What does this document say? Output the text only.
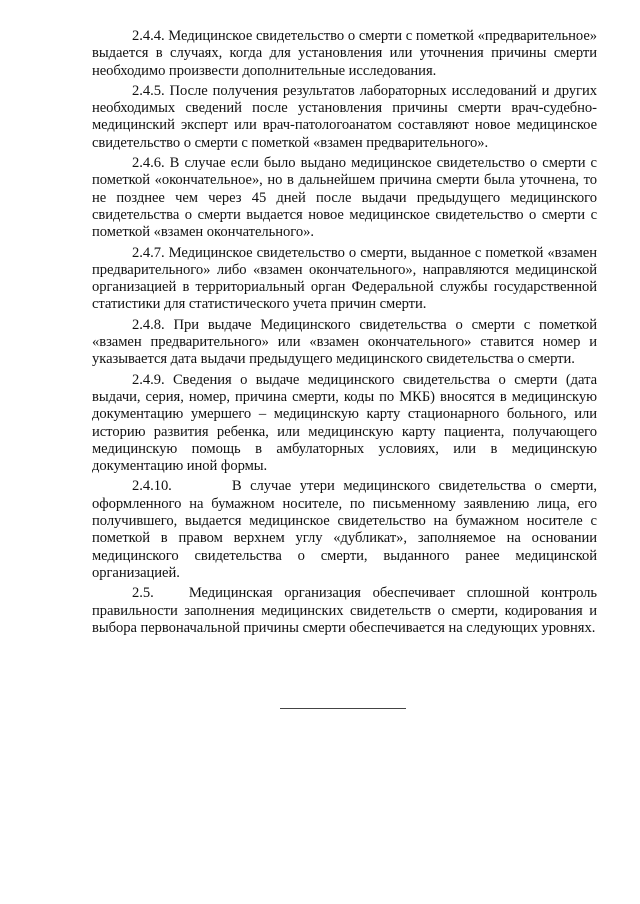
2.4.4. Медицинское свидетельство о смерти с пометкой «предварительное» выдается в случаях, когда для установления или уточнения причины смерти необходимо произвести дополнительные исследования.

2.4.5. После получения результатов лабораторных исследований и других необходимых сведений после установления причины смерти врач-судебно-медицинский эксперт или врач-патологоанатом составляют новое медицинское свидетельство о смерти с пометкой «взамен предварительного».

2.4.6. В случае если было выдано медицинское свидетельство о смерти с пометкой «окончательное», но в дальнейшем причина смерти была уточнена, то не позднее чем через 45 дней после выдачи предыдущего медицинского свидетельства о смерти выдается новое медицинское свидетельство о смерти с пометкой «взамен окончательного».

2.4.7. Медицинское свидетельство о смерти, выданное с пометкой «взамен предварительного» либо «взамен окончательного», направляются медицинской организацией в территориальный орган Федеральной службы государственной статистики для статистического учета причин смерти.

2.4.8. При выдаче Медицинского свидетельства о смерти с пометкой «взамен предварительного» или «взамен окончательного» ставится номер и указывается дата выдачи предыдущего медицинского свидетельства о смерти.

2.4.9. Сведения о выдаче медицинского свидетельства о смерти (дата выдачи, серия, номер, причина смерти, коды по МКБ) вносятся в медицинскую документацию умершего – медицинскую карту стационарного больного, или историю развития ребенка, или медицинскую карту пациента, получающего медицинскую помощь в амбулаторных условиях, или в медицинскую документацию иной формы.

2.4.10.	В случае утери медицинского свидетельства о смерти, оформленного на бумажном носителе, по письменному заявлению лица, его получившего, выдается медицинское свидетельство на бумажном носителе с пометкой в правом верхнем углу «дубликат», заполняемое на основании медицинского свидетельства о смерти, выданного ранее медицинской организацией.

2.5. Медицинская организация обеспечивает сплошной контроль правильности заполнения медицинских свидетельств о смерти, кодирования и выбора первоначальной причины смерти обеспечивается на следующих уровнях.
